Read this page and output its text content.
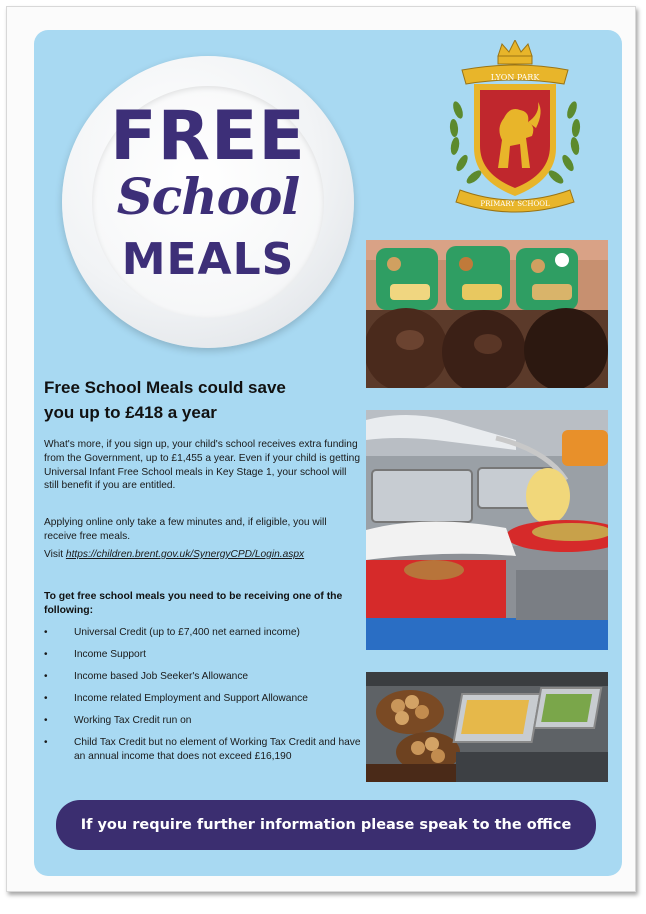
FREE
School
MEALS
LYON PARK
PRIMARY SCHOOL
Free School Meals could save
you up to £418 a year

What's more, if you sign up, your child's school receives extra funding from the Government, up to £1,455 a year. Even if your child is getting Universal Infant Free School meals in Key Stage 1, your school will still benefit if you are entitled.

Applying online only take a few minutes and, if eligible, you will receive free meals.

Visit https://children.brent.gov.uk/SynergyCPD/Login.aspx

To get free school meals you need to be receiving one of the following:
•	Universal Credit (up to £7,400 net earned income)
•	Income Support
•	Income based Job Seeker's Allowance
•	Income related Employment and Support Allowance
•	Working Tax Credit run on
•	Child Tax Credit but no element of Working Tax Credit and have an annual income that does not exceed £16,190
If you require further information please speak to the office
